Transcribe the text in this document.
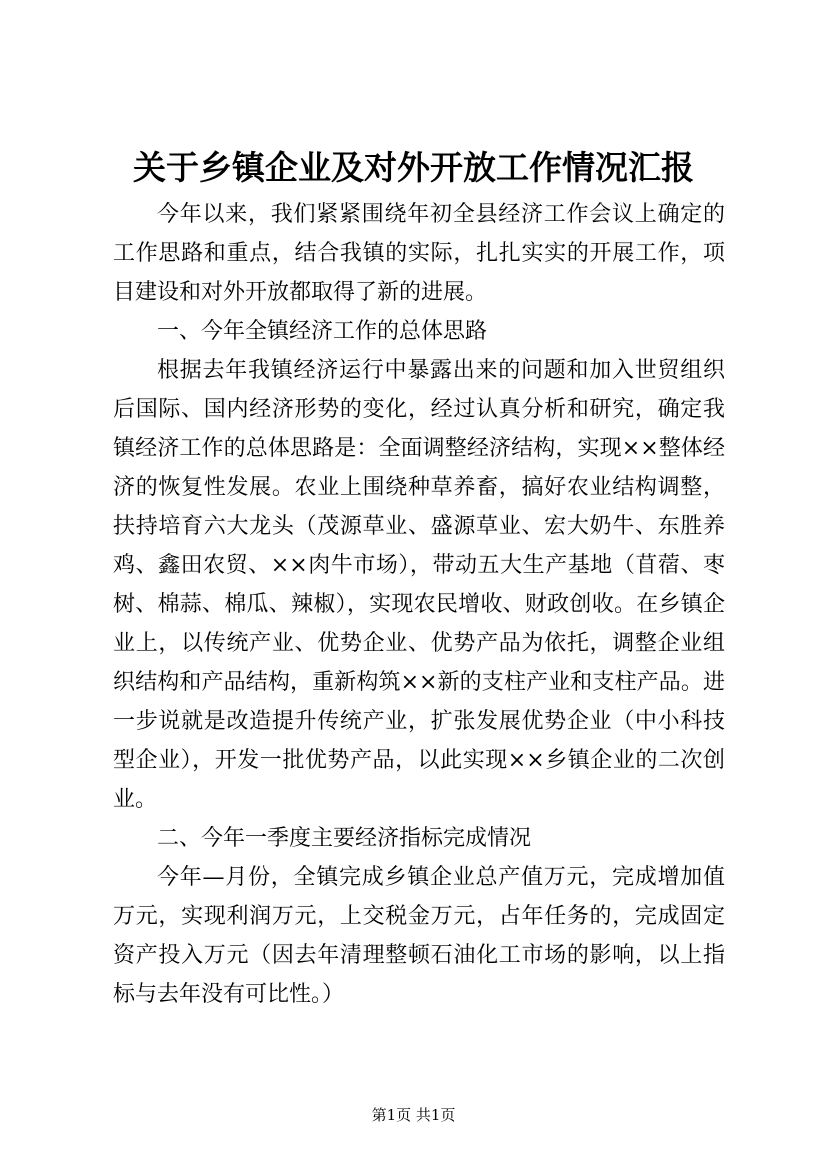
关于乡镇企业及对外开放工作情况汇报

今年以来，我们紧紧围绕年初全县经济工作会议上确定的工作思路和重点，结合我镇的实际，扎扎实实的开展工作，项目建设和对外开放都取得了新的进展。

一、今年全镇经济工作的总体思路

根据去年我镇经济运行中暴露出来的问题和加入世贸组织后国际、国内经济形势的变化，经过认真分析和研究，确定我镇经济工作的总体思路是：全面调整经济结构，实现××整体经济的恢复性发展。农业上围绕种草养畜，搞好农业结构调整，扶持培育六大龙头（茂源草业、盛源草业、宏大奶牛、东胜养鸡、鑫田农贸、××肉牛市场），带动五大生产基地（苜蓿、枣树、棉蒜、棉瓜、辣椒），实现农民增收、财政创收。在乡镇企业上，以传统产业、优势企业、优势产品为依托，调整企业组织结构和产品结构，重新构筑××新的支柱产业和支柱产品。进一步说就是改造提升传统产业，扩张发展优势企业（中小科技型企业），开发一批优势产品，以此实现××乡镇企业的二次创业。

二、今年一季度主要经济指标完成情况

今年—月份，全镇完成乡镇企业总产值万元，完成增加值万元，实现利润万元，上交税金万元，占年任务的，完成固定资产投入万元（因去年清理整顿石油化工市场的影响，以上指标与去年没有可比性。）

第1页 共1页
